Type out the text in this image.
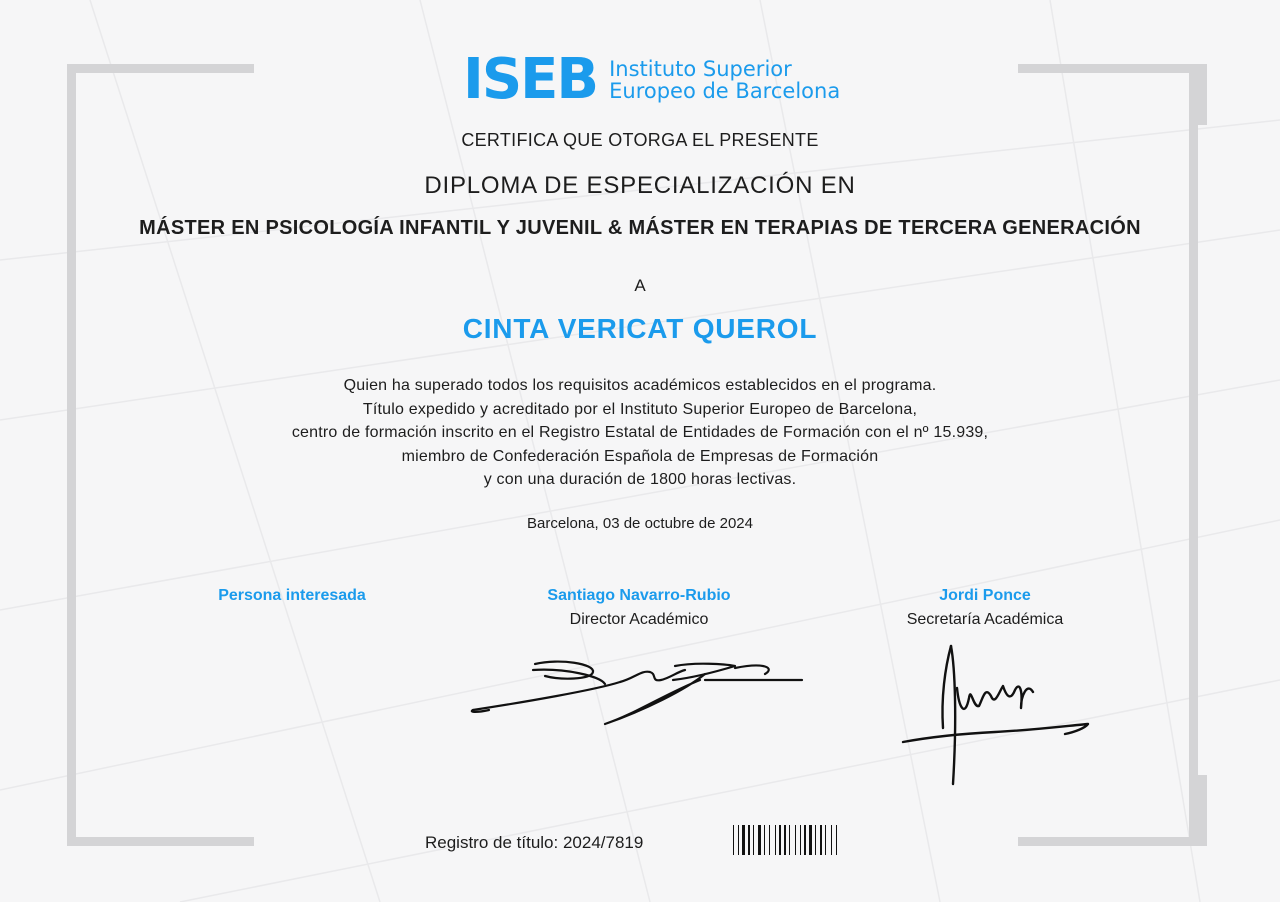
ISEB Instituto Superior
Europeo de Barcelona
CERTIFICA QUE OTORGA EL PRESENTE
DIPLOMA DE ESPECIALIZACIÓN EN
MÁSTER EN PSICOLOGÍA INFANTIL Y JUVENIL & MÁSTER EN TERAPIAS DE TERCERA GENERACIÓN
A
CINTA VERICAT QUEROL
Quien ha superado todos los requisitos académicos establecidos en el programa.
Título expedido y acreditado por el Instituto Superior Europeo de Barcelona,
centro de formación inscrito en el Registro Estatal de Entidades de Formación con el nº 15.939,
miembro de Confederación Española de Empresas de Formación
y con una duración de 1800 horas lectivas.
Barcelona, 03 de octubre de 2024
Persona interesada	Santiago Navarro-Rubio
Director Académico
Jordi Ponce
Secretaría Académica
Registro de título: 2024/7819
